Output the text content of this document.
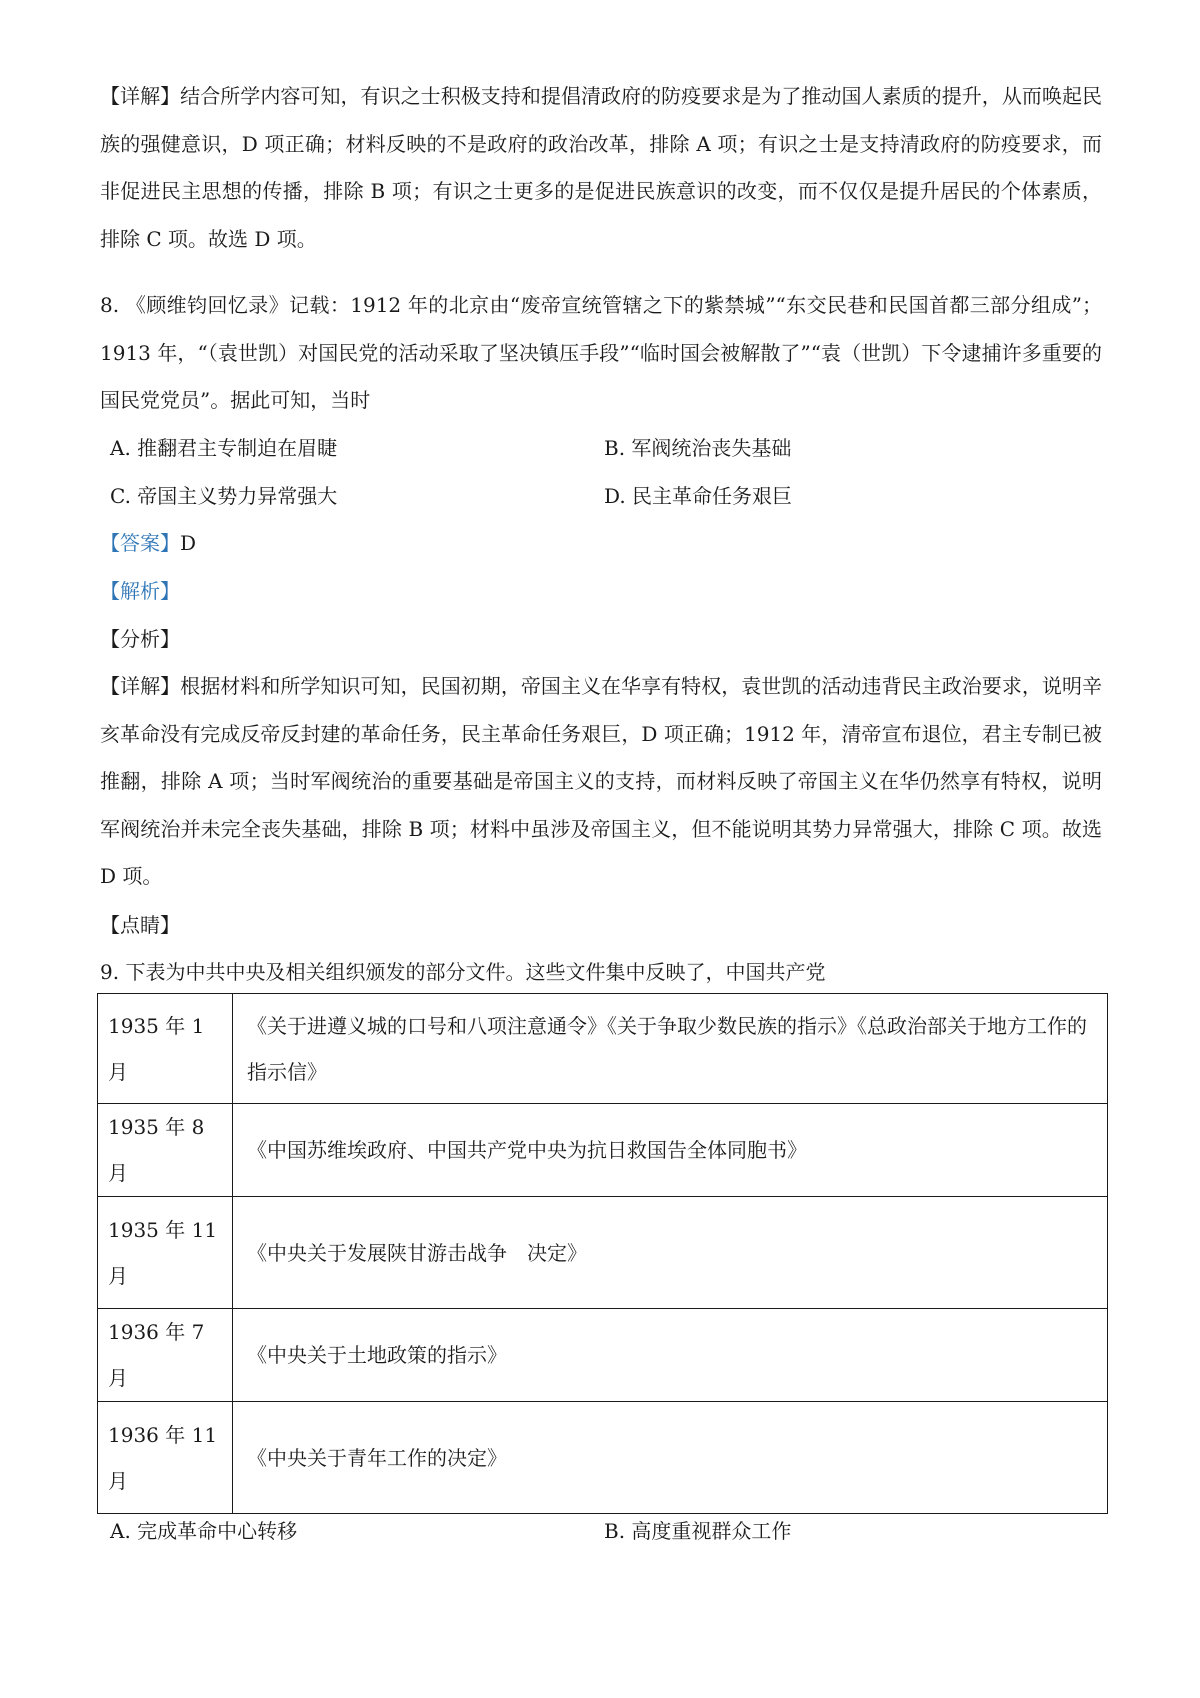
【详解】结合所学内容可知，有识之士积极支持和提倡清政府的防疫要求是为了推动国人素质的提升，从而唤起民族的强健意识，D 项正确；材料反映的不是政府的政治改革，排除 A 项；有识之士是支持清政府的防疫要求，而非促进民主思想的传播，排除 B 项；有识之士更多的是促进民族意识的改变，而不仅仅是提升居民的个体素质，排除 C 项。故选 D 项。

8. 《顾维钧回忆录》记载：1912 年的北京由“废帝宣统管辖之下的紫禁城”“东交民巷和民国首都三部分组成”；1913 年，“（袁世凯）对国民党的活动采取了坚决镇压手段”“临时国会被解散了”“袁（世凯）下令逮捕许多重要的国民党党员”。据此可知，当时

A. 推翻君主专制迫在眉睫	B. 军阀统治丧失基础
C. 帝国主义势力异常强大	D. 民主革命任务艰巨
【答案】D
【解析】
【分析】

【详解】根据材料和所学知识可知，民国初期，帝国主义在华享有特权，袁世凯的活动违背民主政治要求，说明辛亥革命没有完成反帝反封建的革命任务，民主革命任务艰巨，D 项正确；1912 年，清帝宣布退位，君主专制已被推翻，排除 A 项；当时军阀统治的重要基础是帝国主义的支持，而材料反映了帝国主义在华仍然享有特权，说明军阀统治并未完全丧失基础，排除 B 项；材料中虽涉及帝国主义，但不能说明其势力异常强大，排除 C 项。故选 D 项。

【点睛】
9. 下表为中共中央及相关组织颁发的部分文件。这些文件集中反映了，中国共产党
1935 年 1 月	《关于进遵义城的口号和八项注意通令》《关于争取少数民族的指示》《总政治部关于地方工作的指示信》
1935 年 8 月	《中国苏维埃政府、中国共产党中央为抗日救国告全体同胞书》
1935 年 11 月	《中央关于发展陕甘游击战争　决定》
1936 年 7 月	《中央关于土地政策的指示》
1936 年 11 月	《中央关于青年工作的决定》
A. 完成革命中心转移	B. 高度重视群众工作
